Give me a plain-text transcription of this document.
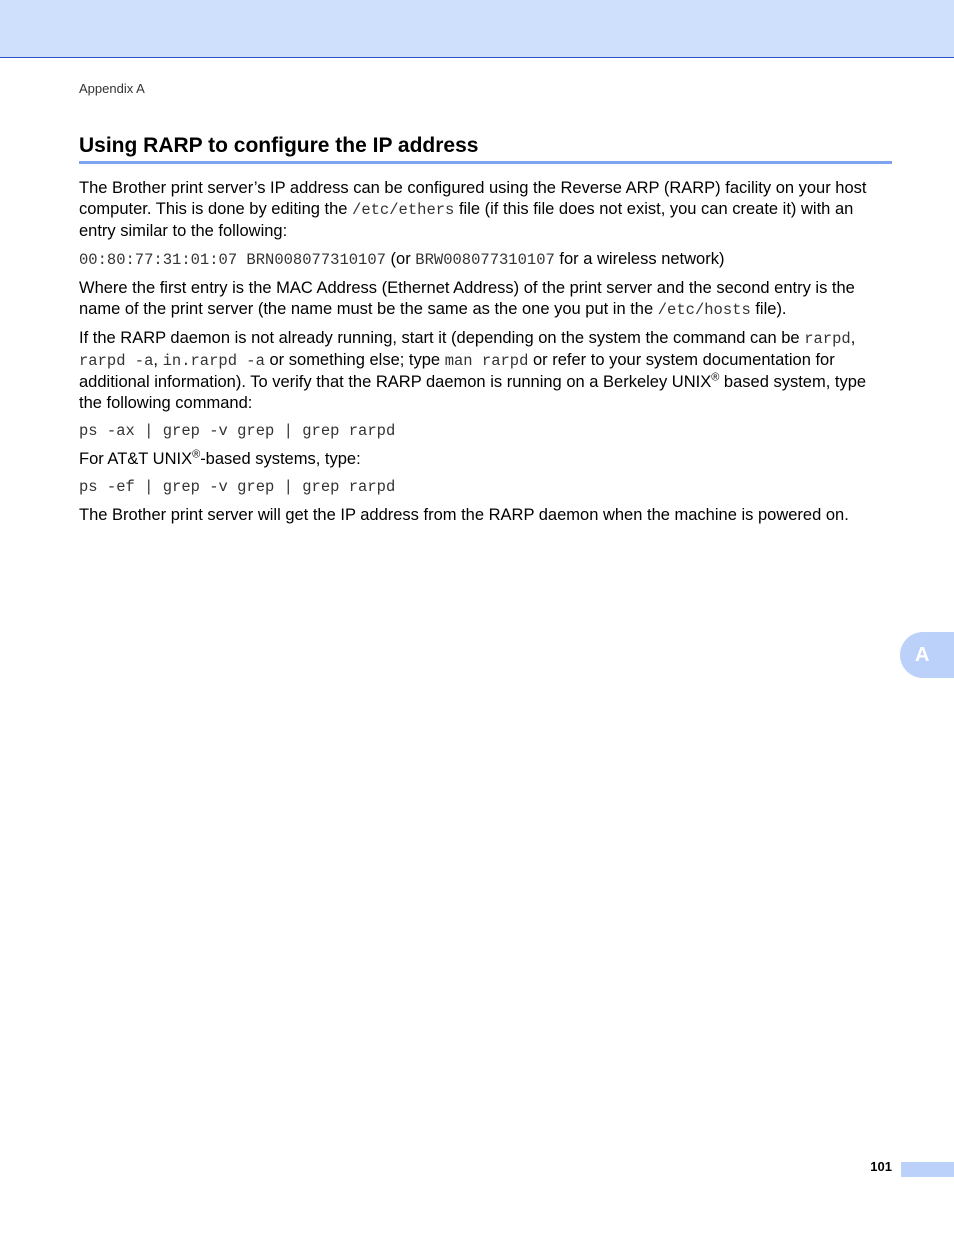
Appendix A
Using RARP to configure the IP address

The Brother print server’s IP address can be configured using the Reverse ARP (RARP) facility on your host computer. This is done by editing the /etc/ethers file (if this file does not exist, you can create it) with an entry similar to the following:

00:80:77:31:01:07 BRN008077310107 (or BRW008077310107 for a wireless network)

Where the first entry is the MAC Address (Ethernet Address) of the print server and the second entry is the name of the print server (the name must be the same as the one you put in the /etc/hosts file).

If the RARP daemon is not already running, start it (depending on the system the command can be rarpd, rarpd -a, in.rarpd -a or something else; type man rarpd or refer to your system documentation for additional information). To verify that the RARP daemon is running on a Berkeley UNIX® based system, type the following command:

ps -ax | grep -v grep | grep rarpd

For AT&T UNIX®-based systems, type:

ps -ef | grep -v grep | grep rarpd

The Brother print server will get the IP address from the RARP daemon when the machine is powered on.

A
101
